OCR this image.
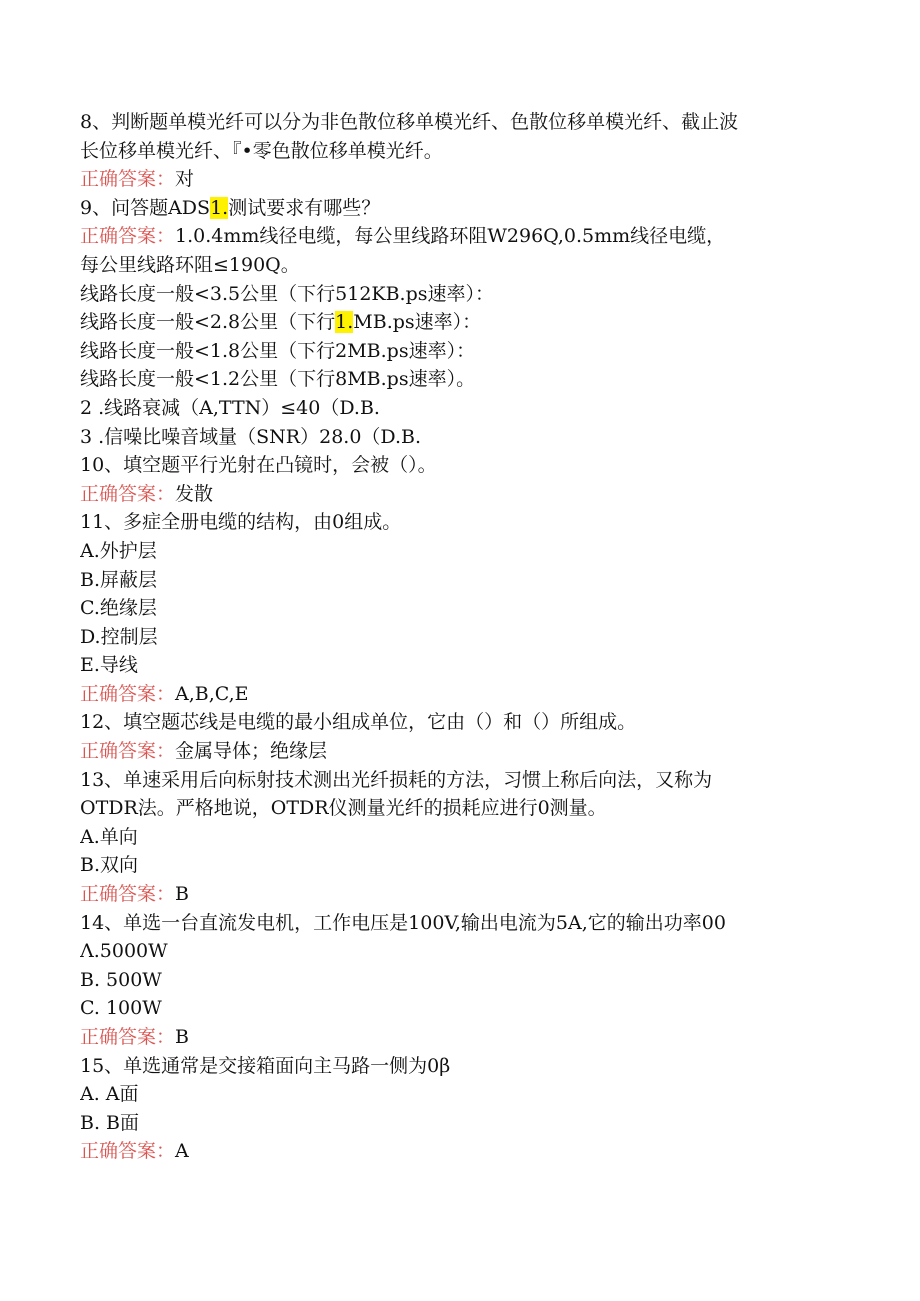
8、判断题单模光纤可以分为非色散位移单模光纤、色散位移单模光纤、截止波
长位移单模光纤、『•零色散位移单模光纤。
正确答案：对
9、问答题ADS1.测试要求有哪些？
正确答案：1.0.4mm线径电缆，每公里线路环阻W296Q,0.5mm线径电缆，
每公里线路环阻≤190Q。
线路长度一般<3.5公里（下行512KB.ps速率）：
线路长度一般<2.8公里（下行1.MB.ps速率）：
线路长度一般<1.8公里（下行2MB.ps速率）：
线路长度一般<1.2公里（下行8MB.ps速率）。
2 .线路衰减（A,TTN）≤40（D.B.
3 .信噪比噪音域量（SNR）28.0（D.B.
10、填空题平行光射在凸镜时，会被（）。
正确答案：发散
11、多症全册电缆的结构，由0组成。
A.外护层
B.屏蔽层
C.绝缘层
D.控制层
E.导线
正确答案：A,B,C,E
12、填空题芯线是电缆的最小组成单位，它由（）和（）所组成。
正确答案：金属导体；绝缘层
13、单速采用后向标射技术测出光纤损耗的方法，习惯上称后向法，又称为
OTDR法。严格地说，OTDR仪测量光纤的损耗应进行0测量。
A.单向
B.双向
正确答案：B
14、单选一台直流发电机，工作电压是100V,输出电流为5A,它的输出功率00
Λ.5000W
B. 500W
C. 100W
正确答案：B
15、单选通常是交接箱面向主马路一侧为0β
A. A面
B. B面
正确答案：A
